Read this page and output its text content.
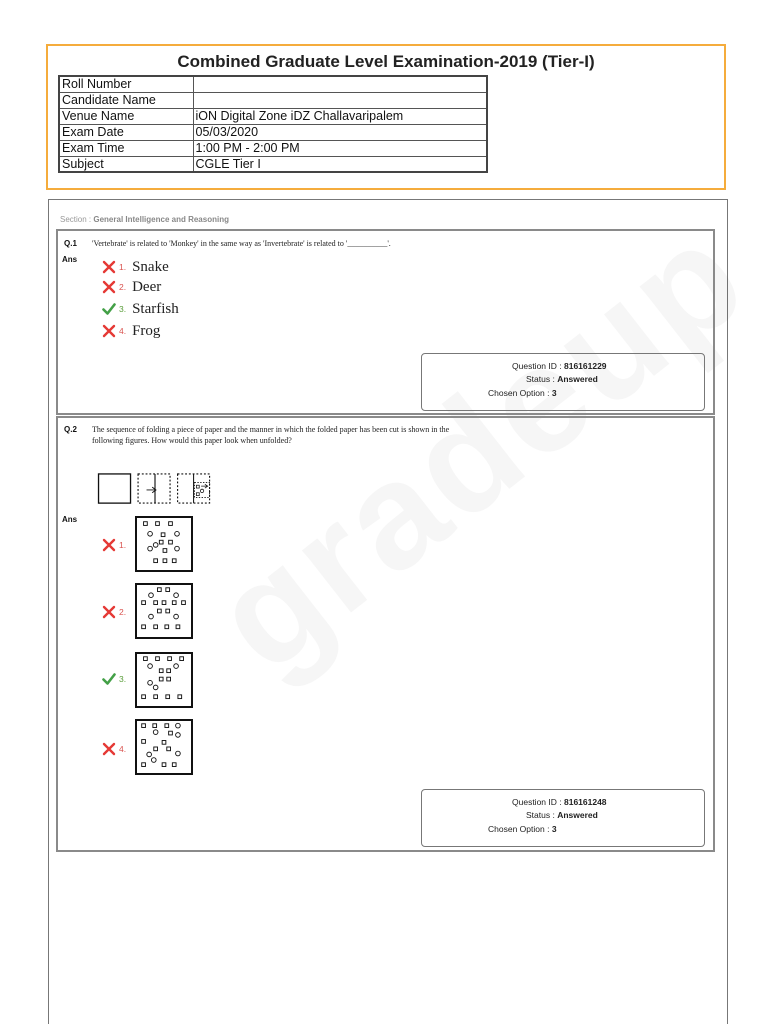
Combined Graduate Level Examination-2019 (Tier-I)
Roll Number	
Candidate Name	
Venue Name	iON Digital Zone iDZ Challavaripalem
Exam Date	05/03/2020
Exam Time	1:00 PM - 2:00 PM
Subject	CGLE Tier I
Section : General Intelligence and Reasoning
Q.1 'Vertebrate' is related to 'Monkey' in the same way as 'Invertebrate' is related to '__________'.
Ans
1. Snake
2. Deer
3. Starfish
4. Frog
Question ID : 816161229
Status : Answered
Chosen Option : 3
Q.2 The sequence of folding a piece of paper and the manner in which the folded paper has been cut is shown in the
following figures. How would this paper look when unfolded?
Ans
1.
2.
3.
4.
Question ID : 816161248
Status : Answered
Chosen Option : 3
